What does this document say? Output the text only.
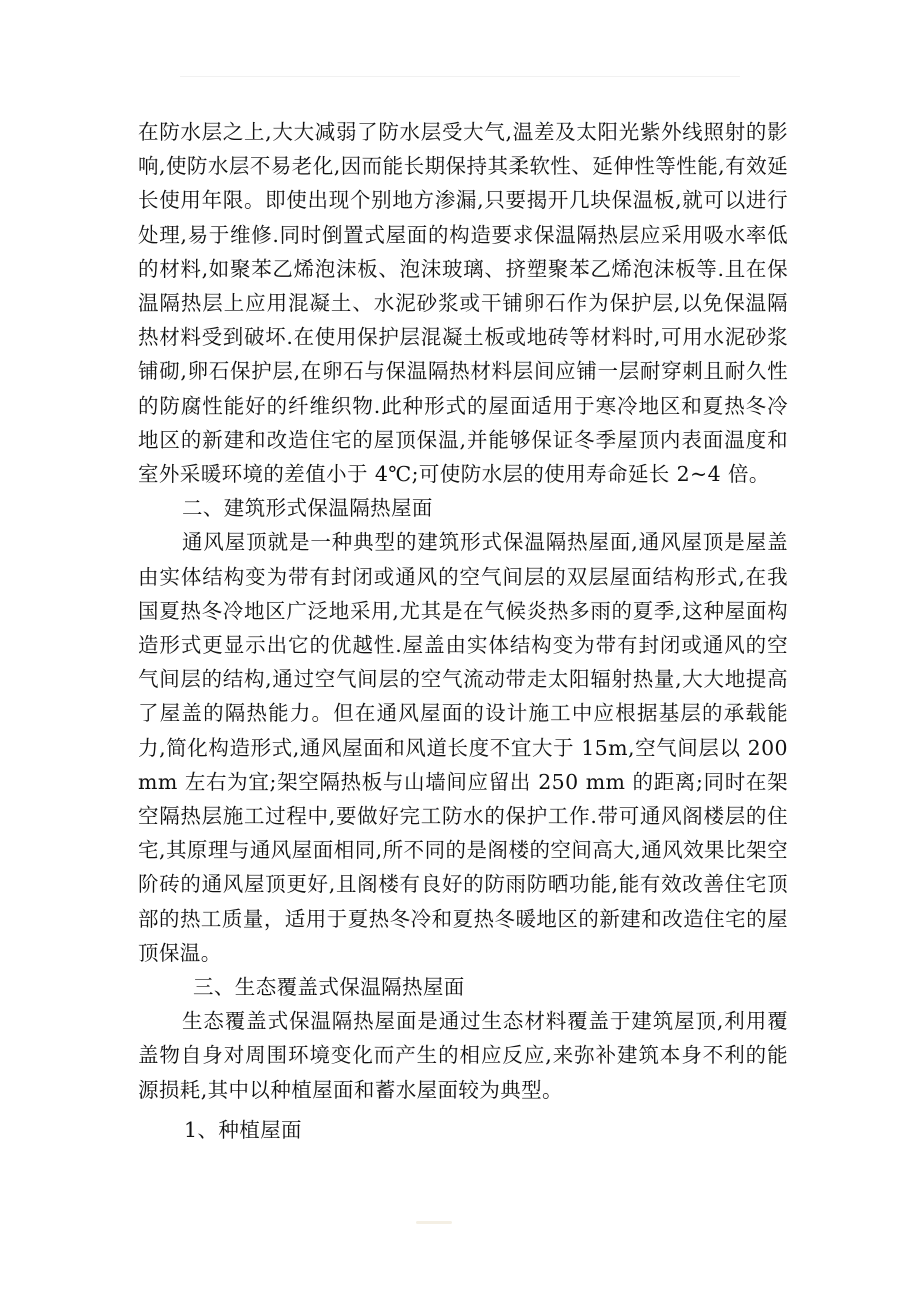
在防水层之上,大大减弱了防水层受大气,温差及太阳光紫外线照射的影响,使防水层不易老化,因而能长期保持其柔软性、延伸性等性能,有效延长使用年限。即使出现个别地方渗漏,只要揭开几块保温板,就可以进行处理,易于维修.同时倒置式屋面的构造要求保温隔热层应采用吸水率低的材料,如聚苯乙烯泡沫板、泡沫玻璃、挤塑聚苯乙烯泡沫板等.且在保温隔热层上应用混凝土、水泥砂浆或干铺卵石作为保护层,以免保温隔热材料受到破坏.在使用保护层混凝土板或地砖等材料时,可用水泥砂浆铺砌,卵石保护层,在卵石与保温隔热材料层间应铺一层耐穿刺且耐久性的防腐性能好的纤维织物.此种形式的屋面适用于寒冷地区和夏热冬冷地区的新建和改造住宅的屋顶保温,并能够保证冬季屋顶内表面温度和室外采暖环境的差值小于 4℃;可使防水层的使用寿命延长 2~4 倍。

二、建筑形式保温隔热屋面

通风屋顶就是一种典型的建筑形式保温隔热屋面,通风屋顶是屋盖由实体结构变为带有封闭或通风的空气间层的双层屋面结构形式,在我国夏热冬冷地区广泛地采用,尤其是在气候炎热多雨的夏季,这种屋面构造形式更显示出它的优越性.屋盖由实体结构变为带有封闭或通风的空气间层的结构,通过空气间层的空气流动带走太阳辐射热量,大大地提高了屋盖的隔热能力。但在通风屋面的设计施工中应根据基层的承载能力,简化构造形式,通风屋面和风道长度不宜大于 15m,空气间层以 200 mm 左右为宜;架空隔热板与山墙间应留出 250 mm 的距离;同时在架空隔热层施工过程中,要做好完工防水的保护工作.带可通风阁楼层的住宅,其原理与通风屋面相同,所不同的是阁楼的空间高大,通风效果比架空阶砖的通风屋顶更好,且阁楼有良好的防雨防晒功能,能有效改善住宅顶部的热工质量，适用于夏热冬冷和夏热冬暖地区的新建和改造住宅的屋顶保温。

三、生态覆盖式保温隔热屋面

生态覆盖式保温隔热屋面是通过生态材料覆盖于建筑屋顶,利用覆盖物自身对周围环境变化而产生的相应反应,来弥补建筑本身不利的能源损耗,其中以种植屋面和蓄水屋面较为典型。

1、种植屋面
